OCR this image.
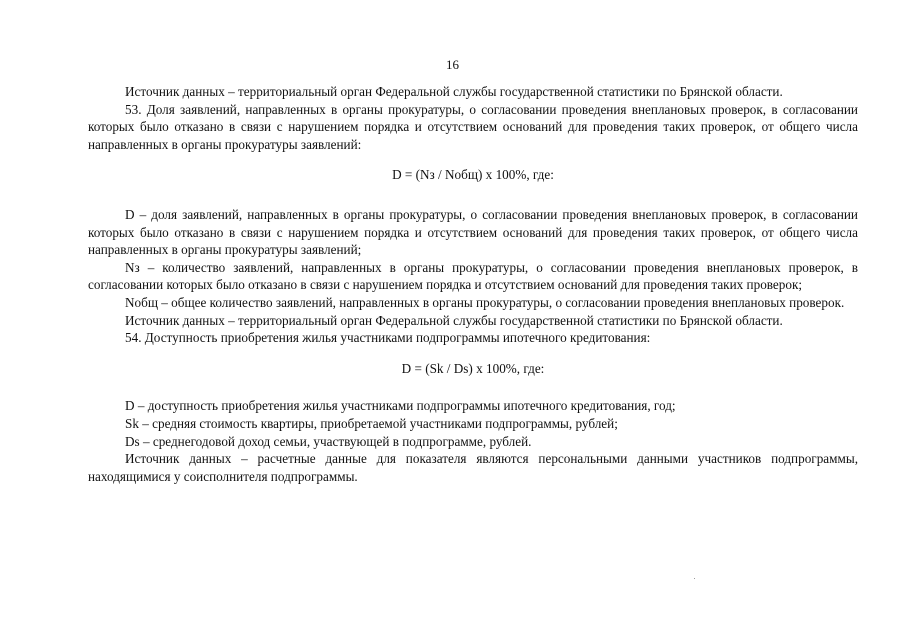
16

Источник данных – территориальный орган Федеральной службы государственной статистики по Брянской области.

53. Доля заявлений, направленных в органы прокуратуры, о согласовании проведения внеплановых проверок, в согласовании которых было отказано в связи с нарушением порядка и отсутствием оснований для проведения таких проверок, от общего числа направленных в органы прокуратуры заявлений:

D = (Nз / Nобщ) x 100%, где:

D – доля заявлений, направленных в органы прокуратуры, о согласовании проведения внеплановых проверок, в согласовании которых было отказано в связи с нарушением порядка и отсутствием оснований для проведения таких проверок, от общего числа направленных в органы прокуратуры заявлений;

Nз – количество заявлений, направленных в органы прокуратуры, о согласовании проведения внеплановых проверок, в согласовании которых было отказано в связи с нарушением порядка и отсутствием оснований для проведения таких проверок;

Nобщ – общее количество заявлений, направленных в органы прокуратуры, о согласовании проведения внеплановых проверок.

Источник данных – территориальный орган Федеральной службы государственной статистики по Брянской области.

54. Доступность приобретения жилья участниками подпрограммы ипотечного кредитования:

D = (Sk / Ds) x 100%, где:

D – доступность приобретения жилья участниками подпрограммы ипотечного кредитования, год;

Sk – средняя стоимость квартиры, приобретаемой участниками подпрограммы, рублей;

Ds – среднегодовой доход семьи, участвующей в подпрограмме, рублей.

Источник данных – расчетные данные для показателя являются персональными данными участников подпрограммы, находящимися у соисполнителя подпрограммы.
